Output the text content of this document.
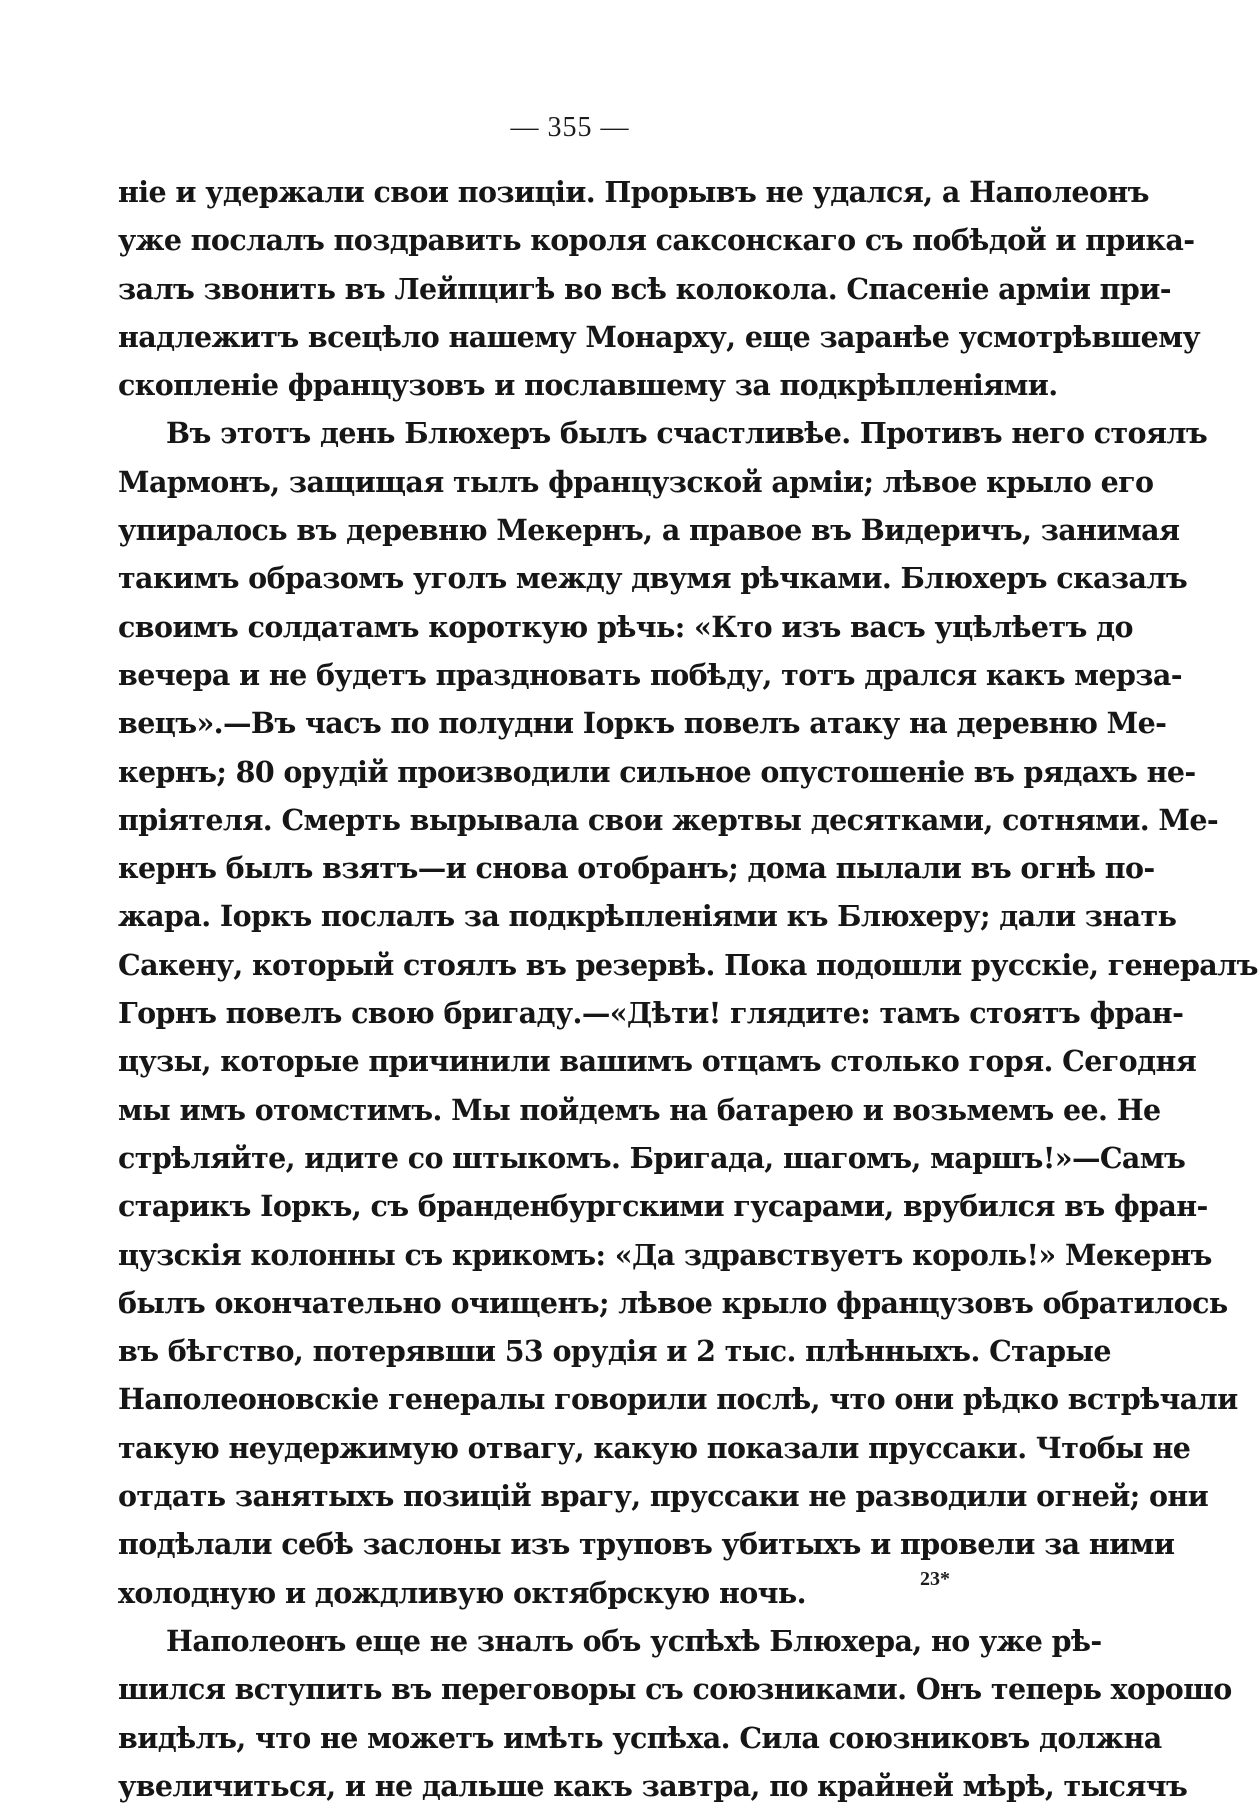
— 355 —
ніе и удержали свои позиціи. Прорывъ не удался, а Наполеонъ
уже послалъ поздравить короля саксонскаго съ побѣдой и прика-
залъ звонить въ Лейпцигѣ во всѣ колокола. Спасеніе арміи при-
надлежитъ всецѣло нашему Монарху, еще заранѣе усмотрѣвшему
скопленіе французовъ и пославшему за подкрѣпленіями.
Въ этотъ день Блюхеръ былъ счастливѣе. Противъ него стоялъ
Мармонъ, защищая тылъ французской арміи; лѣвое крыло его
упиралось въ деревню Мекернъ, а правое въ Видеричъ, занимая
такимъ образомъ уголъ между двумя рѣчками. Блюхеръ сказалъ
своимъ солдатамъ короткую рѣчь: «Кто изъ васъ уцѣлѣетъ до
вечера и не будетъ праздновать побѣду, тотъ дрался какъ мерза-
вецъ».—Въ часъ по полудни Іоркъ повелъ атаку на деревню Ме-
кернъ; 80 орудій производили сильное опустошеніе въ рядахъ не-
пріятеля. Смерть вырывала свои жертвы десятками, сотнями. Ме-
кернъ былъ взятъ—и снова отобранъ; дома пылали въ огнѣ по-
жара. Іоркъ послалъ за подкрѣпленіями къ Блюхеру; дали знать
Сакену, который стоялъ въ резервѣ. Пока подошли русскіе, генералъ
Горнъ повелъ свою бригаду.—«Дѣти! глядите: тамъ стоятъ фран-
цузы, которые причинили вашимъ отцамъ столько горя. Сегодня
мы имъ отомстимъ. Мы пойдемъ на батарею и возьмемъ ее. Не
стрѣляйте, идите со штыкомъ. Бригада, шагомъ, маршъ!»—Самъ
старикъ Іоркъ, съ бранденбургскими гусарами, врубился въ фран-
цузскія колонны съ крикомъ: «Да здравствуетъ король!» Мекернъ
былъ окончательно очищенъ; лѣвое крыло французовъ обратилось
въ бѣгство, потерявши 53 орудія и 2 тыс. плѣнныхъ. Старые
Наполеоновскіе генералы говорили послѣ, что они рѣдко встрѣчали
такую неудержимую отвагу, какую показали пруссаки. Чтобы не
отдать занятыхъ позицій врагу, пруссаки не разводили огней; они
подѣлали себѣ заслоны изъ труповъ убитыхъ и провели за ними
холодную и дождливую октябрскую ночь.
Наполеонъ еще не зналъ объ успѣхѣ Блюхера, но уже рѣ-
шился вступить въ переговоры съ союзниками. Онъ теперь хорошо
видѣлъ, что не можетъ имѣть успѣха. Сила союзниковъ должна
увеличиться, и не дальше какъ завтра, по крайней мѣрѣ, тысячъ
23*
